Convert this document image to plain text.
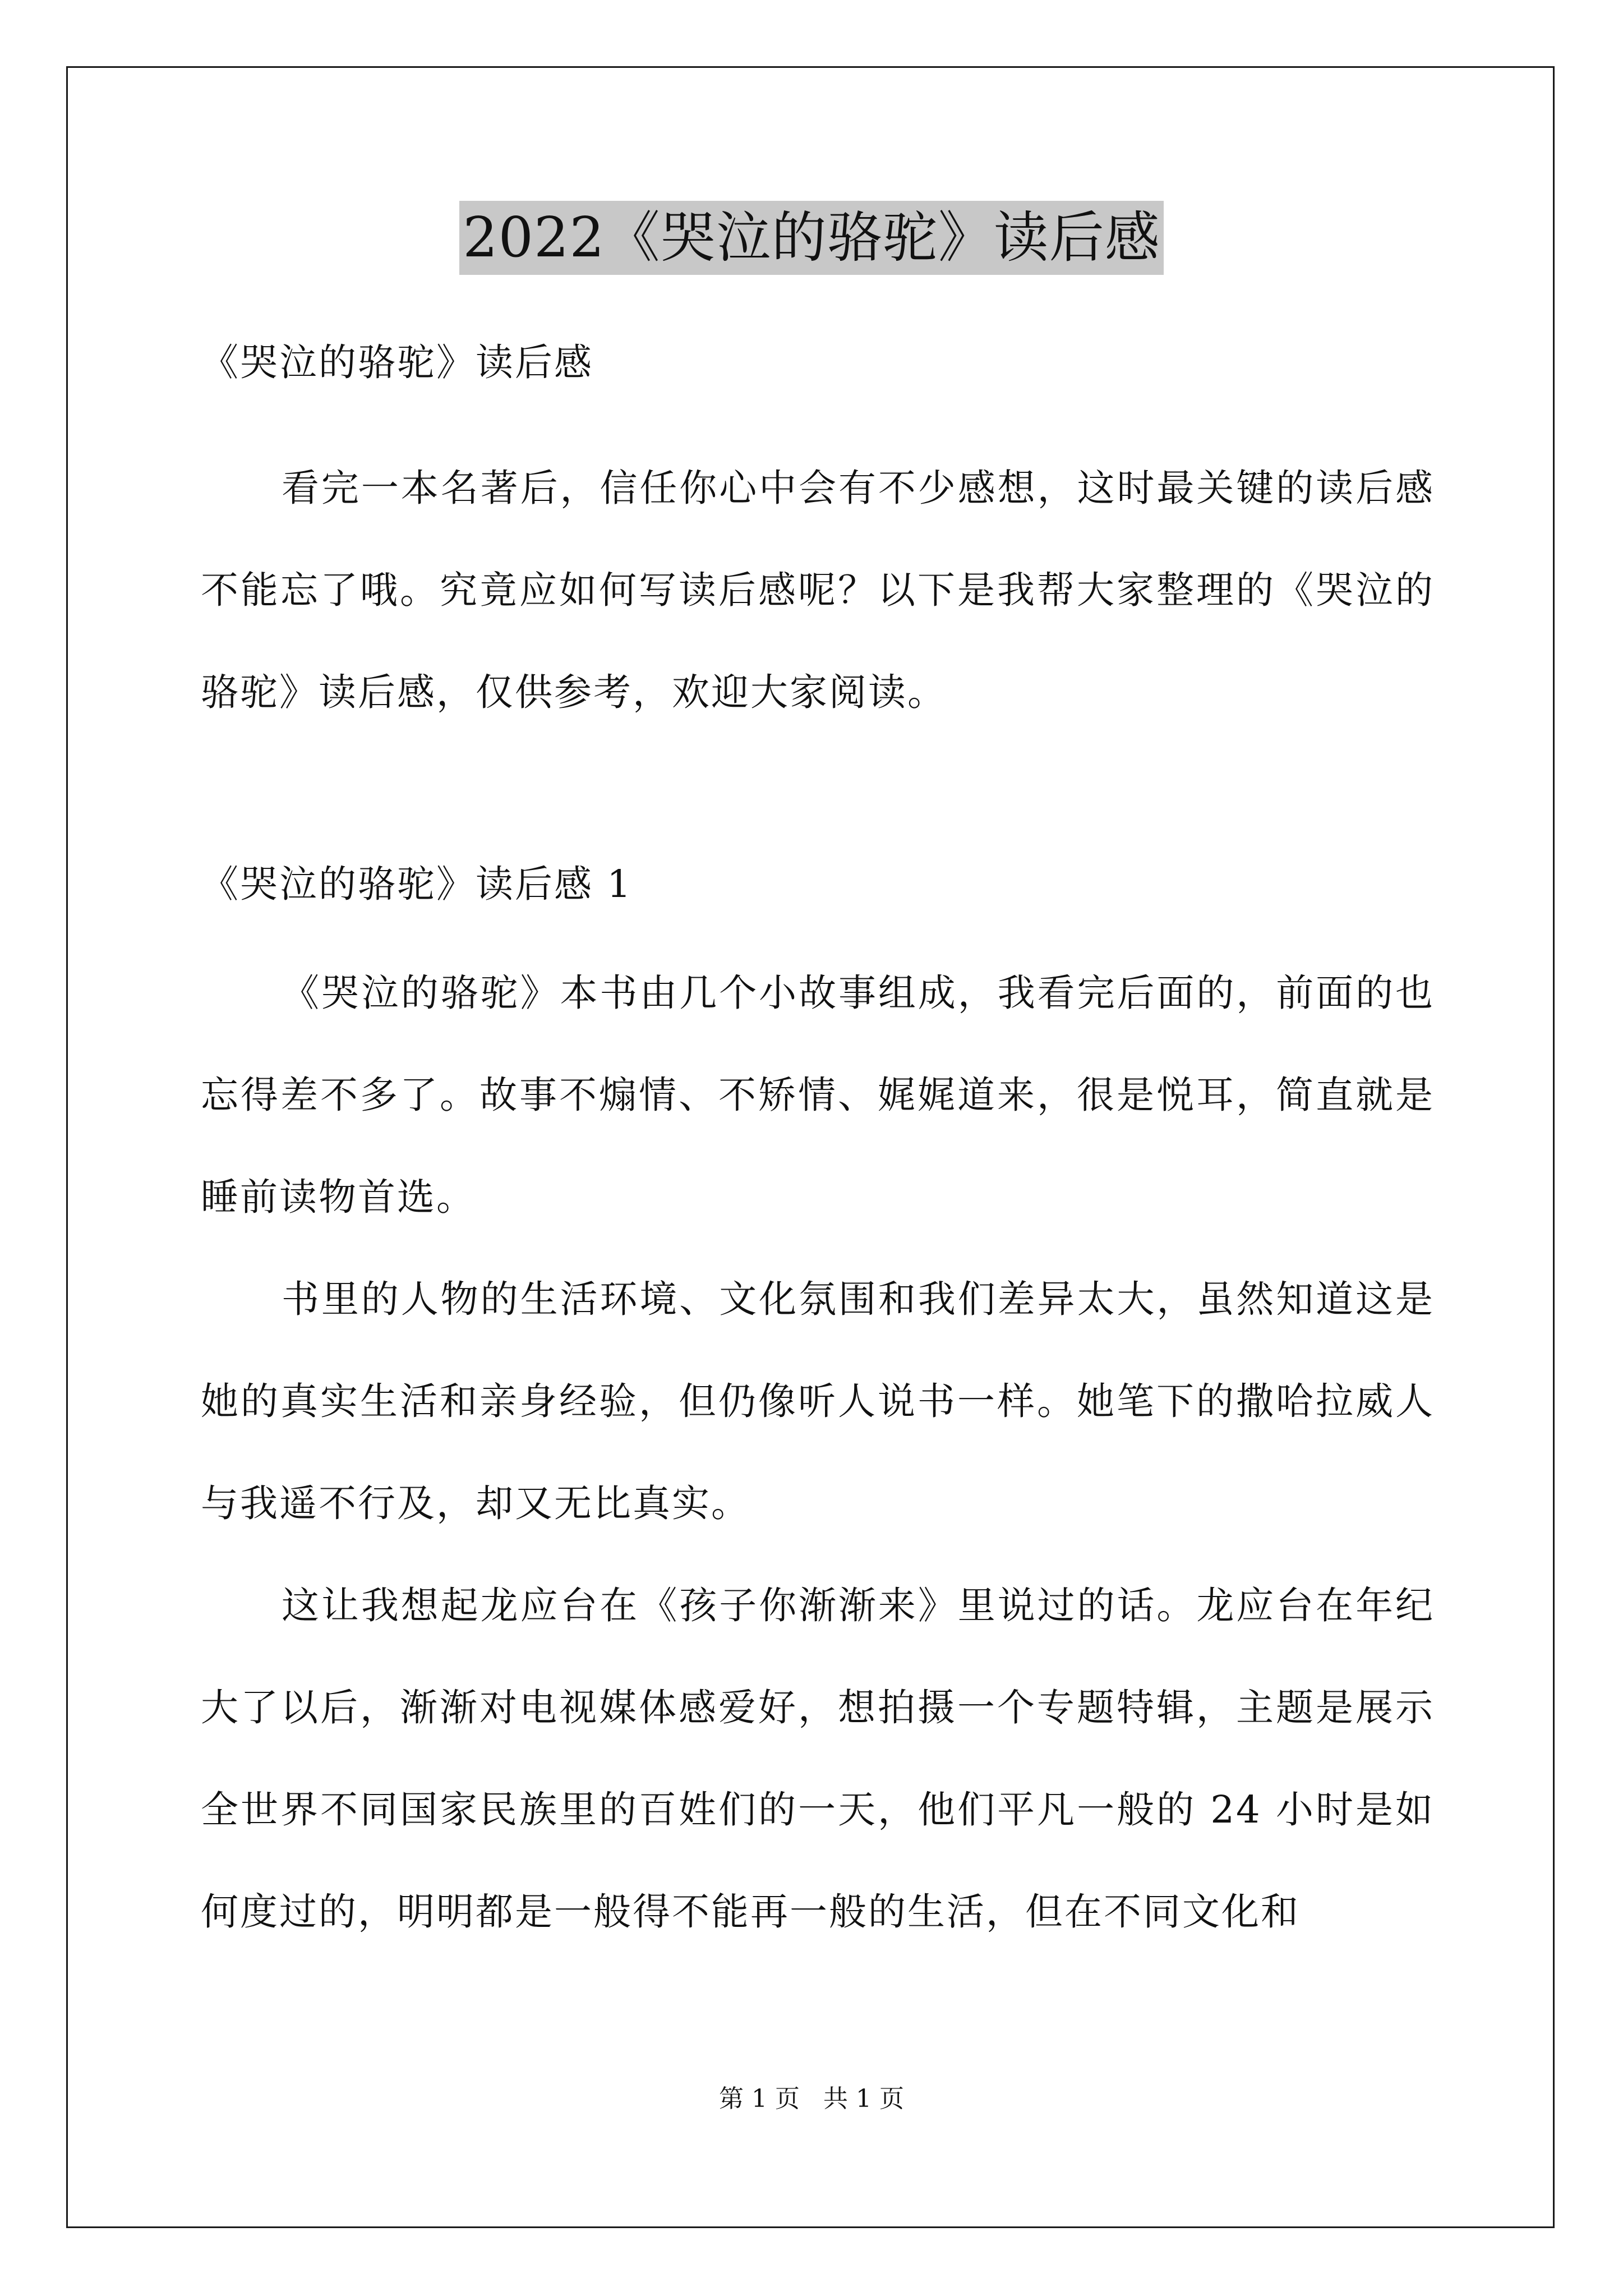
2022《哭泣的骆驼》读后感

《哭泣的骆驼》读后感

看完一本名著后，信任你心中会有不少感想，这时最关键的读后感不能忘了哦。究竟应如何写读后感呢？以下是我帮大家整理的《哭泣的骆驼》读后感，仅供参考，欢迎大家阅读。

《哭泣的骆驼》读后感 1

《哭泣的骆驼》本书由几个小故事组成，我看完后面的，前面的也忘得差不多了。故事不煽情、不矫情、娓娓道来，很是悦耳，简直就是睡前读物首选。

书里的人物的生活环境、文化氛围和我们差异太大，虽然知道这是她的真实生活和亲身经验，但仍像听人说书一样。她笔下的撒哈拉威人与我遥不行及，却又无比真实。

这让我想起龙应台在《孩子你渐渐来》里说过的话。龙应台在年纪大了以后，渐渐对电视媒体感爱好，想拍摄一个专题特辑，主题是展示全世界不同国家民族里的百姓们的一天，他们平凡一般的 24 小时是如何度过的，明明都是一般得不能再一般的生活，但在不同文化和

第 1 页   共 1 页
